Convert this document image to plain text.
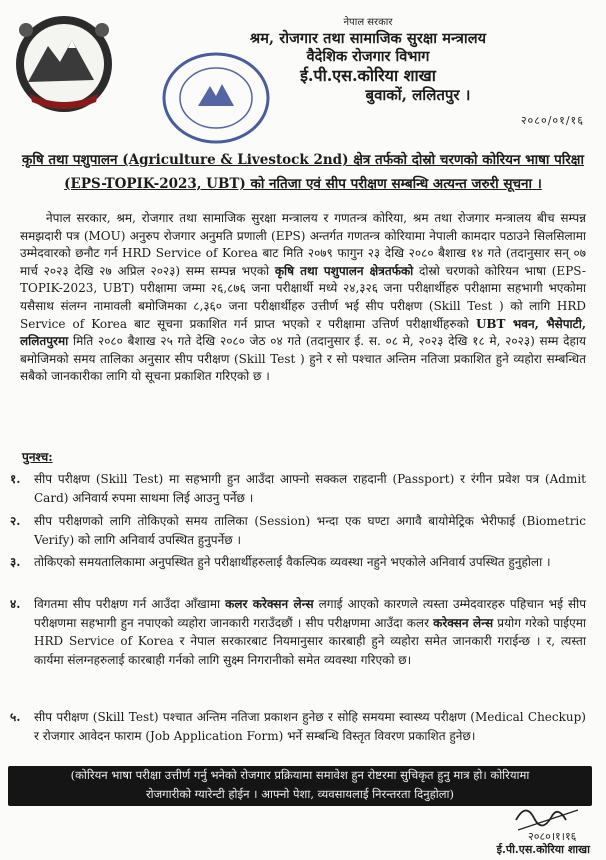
नेपाल सरकार
श्रम, रोजगार तथा सामाजिक सुरक्षा मन्त्रालय
वैदेशिक रोजगार विभाग
ई.पी.एस.कोरिया शाखा
बुवाकों, ललितपुर ।
२०८०/०१/१६
कृषि तथा पशुपालन (Agriculture & Livestock 2nd) क्षेत्र तर्फको दोस्रो चरणको कोरियन भाषा परिक्षा
(EPS-TOPIK-2023, UBT) को नतिजा एवं सीप परीक्षण सम्बन्धि अत्यन्त जरुरी सूचना ।
नेपाल सरकार, श्रम, रोजगार तथा सामाजिक सुरक्षा मन्त्रालय र गणतन्त्र कोरिया, श्रम तथा रोजगार मन्त्रालय बीच सम्पन्न समझदारी पत्र (MOU) अनुरुप रोजगार अनुमति प्रणाली (EPS) अन्तर्गत गणतन्त्र कोरियामा नेपाली कामदार पठाउने सिलसिलामा उम्मेदवारको छनौट गर्न HRD Service of Korea बाट मिति २०७९ फागुन २३ देखि २०८० बैशाख १४ गते (तदानुसार सन् ०७ मार्च २०२३ देखि २७ अप्रिल २०२३) सम्म सम्पन्न भएको कृषि तथा पशुपालन क्षेत्रतर्फको दोस्रो चरणको कोरियन भाषा (EPS-TOPIK-2023, UBT) परीक्षामा जम्मा २६,८७६ जना परीक्षार्थी मध्ये २४,३२६ जना परीक्षार्थीहरु परीक्षामा सहभागी भएकोमा यसैसाथ संलग्न नामावली बमोजिमका ८,३६० जना परीक्षार्थीहरु उत्तीर्ण भई सीप परीक्षण (Skill Test ) को लागि HRD Service of Korea बाट सूचना प्रकाशित गर्न प्राप्त भएको र परीक्षामा उत्तिर्ण परीक्षार्थीहरुको UBT भवन, भैसेपाटी, ललितपुरमा मिति २०८० बैशाख २५ गते देखि २०८० जेठ ०४ गते (तदानुसार ई. स. ०८ मे, २०२३ देखि १८ मे, २०२३) सम्म देहाय बमोजिमको समय तालिका अनुसार सीप परीक्षण (Skill Test ) हुने र सो पश्चात अन्तिम नतिजा प्रकाशित हुने व्यहोरा सम्बन्धित सबैको जानकारीका लागि यो सूचना प्रकाशित गरिएको छ ।
पुनश्च:
१. सीप परीक्षण (Skill Test) मा सहभागी हुन आउँदा आफ्नो सक्कल राहदानी (Passport) र रंगीन प्रवेश पत्र (Admit Card) अनिवार्य रुपमा साथमा लिई आउनु पर्नेछ ।
२. सीप परीक्षणको लागि तोकिएको समय तालिका (Session) भन्दा एक घण्टा अगावै बायोमेट्रिक भेरीफाई (Biometric Verify) को लागि अनिवार्य उपस्थित हुनुपर्नेछ ।
३. तोकिएको समयतालिकामा अनुपस्थित हुने परीक्षार्थीहरुलाई वैकल्पिक व्यवस्था नहुने भएकोले अनिवार्य उपस्थित हुनुहोला ।
४. विगतमा सीप परीक्षण गर्न आउँदा आँखामा कलर करेक्सन लेन्स लगाई आएको कारणले त्यस्ता उम्मेदवारहरु पहिचान भई सीप परीक्षणमा सहभागी हुन नपाएको व्यहोरा जानकारी गराउँदछौं । सीप परीक्षणमा आउँदा कलर करेक्सन लेन्स प्रयोग गरेको पाईएमा HRD Service of Korea र नेपाल सरकारबाट नियमानुसार कारबाही हुने व्यहोरा समेत जानकारी गराईन्छ । र, त्यस्ता कार्यमा संलग्नहरुलाई कारबाही गर्नको लागि सुक्ष्म निगरानीको समेत व्यवस्था गरिएको छ।
५. सीप परीक्षण (Skill Test) पश्चात अन्तिम नतिजा प्रकाशन हुनेछ र सोहि समयमा स्वास्थ्य परीक्षण (Medical Checkup) र रोजगार आवेदन फाराम (Job Application Form) भर्ने सम्बन्धि विस्तृत विवरण प्रकाशित हुनेछ।
(कोरियन भाषा परीक्षा उत्तीर्ण गर्नु भनेको रोजगार प्रक्रियामा समावेश हुन रोष्टरमा सुचिकृत हुनु मात्र हो। कोरियामा
रोजगारीको ग्यारेन्टी होईन । आफ्नो पेशा, व्यवसायलाई निरन्तरता दिनुहोला)
२०८०।१।१६
ई.पी.एस.कोरिया शाखा
